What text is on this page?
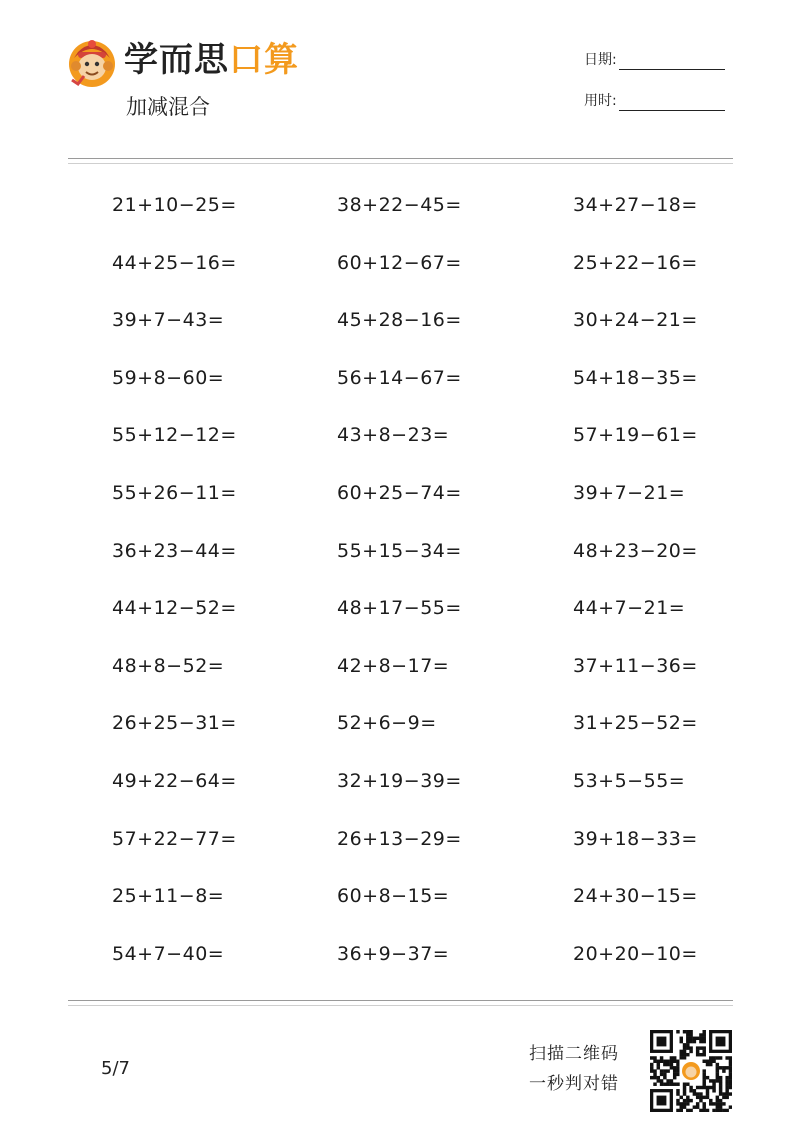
学而思口算
加减混合
日期:
用时:
21+10−25=	38+22−45=	34+27−18=
44+25−16=	60+12−67=	25+22−16=
39+7−43=	45+28−16=	30+24−21=
59+8−60=	56+14−67=	54+18−35=
55+12−12=	43+8−23=	57+19−61=
55+26−11=	60+25−74=	39+7−21=
36+23−44=	55+15−34=	48+23−20=
44+12−52=	48+17−55=	44+7−21=
48+8−52=	42+8−17=	37+11−36=
26+25−31=	52+6−9=	31+25−52=
49+22−64=	32+19−39=	53+5−55=
57+22−77=	26+13−29=	39+18−33=
25+11−8=	60+8−15=	24+30−15=
54+7−40=	36+9−37=	20+20−10=
5/7
扫描二维码
一秒判对错
